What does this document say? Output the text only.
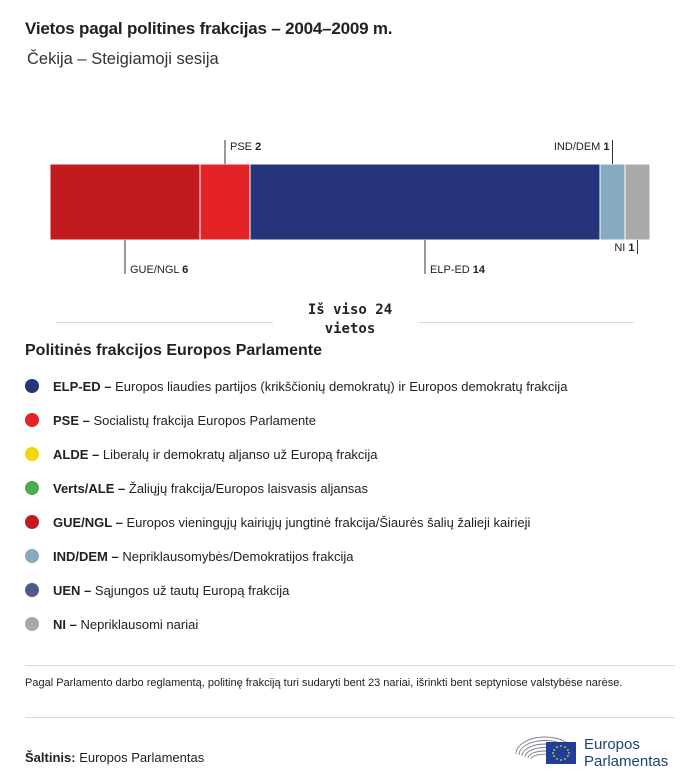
Vietos pagal politines frakcijas – 2004–2009 m.
Čekija – Steigiamoji sesija
GUE/NGL 6
PSE 2
ELP-ED 14
IND/DEM 1
NI 1
Iš viso 24
vietos
Politinės frakcijos Europos Parlamente
ELP-ED – Europos liaudies partijos (krikščionių demokratų) ir Europos demokratų frakcija
PSE – Socialistų frakcija Europos Parlamente
ALDE – Liberalų ir demokratų aljanso už Europą frakcija
Verts/ALE – Žaliųjų frakcija/Europos laisvasis aljansas
GUE/NGL – Europos vieningųjų kairiųjų jungtinė frakcija/Šiaurės šalių žalieji kairieji
IND/DEM – Nepriklausomybės/Demokratijos frakcija
UEN – Sąjungos už tautų Europą frakcija
NI – Nepriklausomi nariai
Pagal Parlamento darbo reglamentą, politinę frakciją turi sudaryti bent 23 nariai, išrinkti bent septyniose valstybėse narėse.
Šaltinis: Europos Parlamentas
Europos
Parlamentas
